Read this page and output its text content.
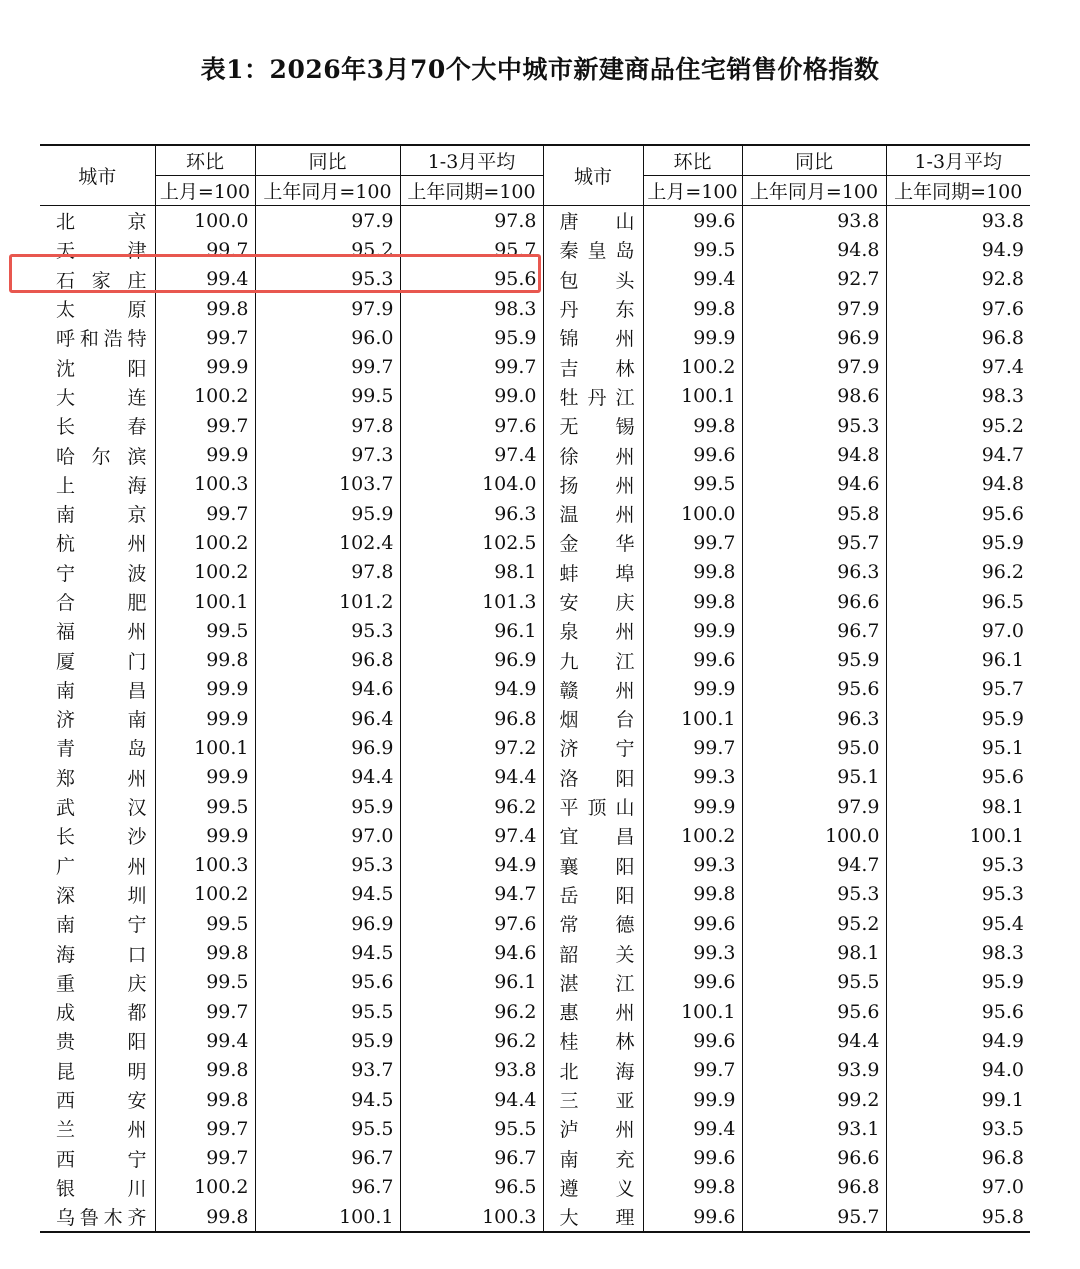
表1：2026年3月70个大中城市新建商品住宅销售价格指数
城市	环比	同比	1-3月平均	城市	环比	同比	1-3月平均
	上月=100	上年同月=100	上年同期=100		上月=100	上年同月=100	上年同期=100
北京	100.0	97.9	97.8	唐山	99.6	93.8	93.8
天津	99.7	95.2	95.7	秦皇岛	99.5	94.8	94.9
石家庄	99.4	95.3	95.6	包头	99.4	92.7	92.8
太原	99.8	97.9	98.3	丹东	99.8	97.9	97.6
呼和浩特	99.7	96.0	95.9	锦州	99.9	96.9	96.8
沈阳	99.9	99.7	99.7	吉林	100.2	97.9	97.4
大连	100.2	99.5	99.0	牡丹江	100.1	98.6	98.3
长春	99.7	97.8	97.6	无锡	99.8	95.3	95.2
哈尔滨	99.9	97.3	97.4	徐州	99.6	94.8	94.7
上海	100.3	103.7	104.0	扬州	99.5	94.6	94.8
南京	99.7	95.9	96.3	温州	100.0	95.8	95.6
杭州	100.2	102.4	102.5	金华	99.7	95.7	95.9
宁波	100.2	97.8	98.1	蚌埠	99.8	96.3	96.2
合肥	100.1	101.2	101.3	安庆	99.8	96.6	96.5
福州	99.5	95.3	96.1	泉州	99.9	96.7	97.0
厦门	99.8	96.8	96.9	九江	99.6	95.9	96.1
南昌	99.9	94.6	94.9	赣州	99.9	95.6	95.7
济南	99.9	96.4	96.8	烟台	100.1	96.3	95.9
青岛	100.1	96.9	97.2	济宁	99.7	95.0	95.1
郑州	99.9	94.4	94.4	洛阳	99.3	95.1	95.6
武汉	99.5	95.9	96.2	平顶山	99.9	97.9	98.1
长沙	99.9	97.0	97.4	宜昌	100.2	100.0	100.1
广州	100.3	95.3	94.9	襄阳	99.3	94.7	95.3
深圳	100.2	94.5	94.7	岳阳	99.8	95.3	95.3
南宁	99.5	96.9	97.6	常德	99.6	95.2	95.4
海口	99.8	94.5	94.6	韶关	99.3	98.1	98.3
重庆	99.5	95.6	96.1	湛江	99.6	95.5	95.9
成都	99.7	95.5	96.2	惠州	100.1	95.6	95.6
贵阳	99.4	95.9	96.2	桂林	99.6	94.4	94.9
昆明	99.8	93.7	93.8	北海	99.7	93.9	94.0
西安	99.8	94.5	94.4	三亚	99.9	99.2	99.1
兰州	99.7	95.5	95.5	泸州	99.4	93.1	93.5
西宁	99.7	96.7	96.7	南充	99.6	96.6	96.8
银川	100.2	96.7	96.5	遵义	99.8	96.8	97.0
乌鲁木齐	99.8	100.1	100.3	大理	99.6	95.7	95.8
